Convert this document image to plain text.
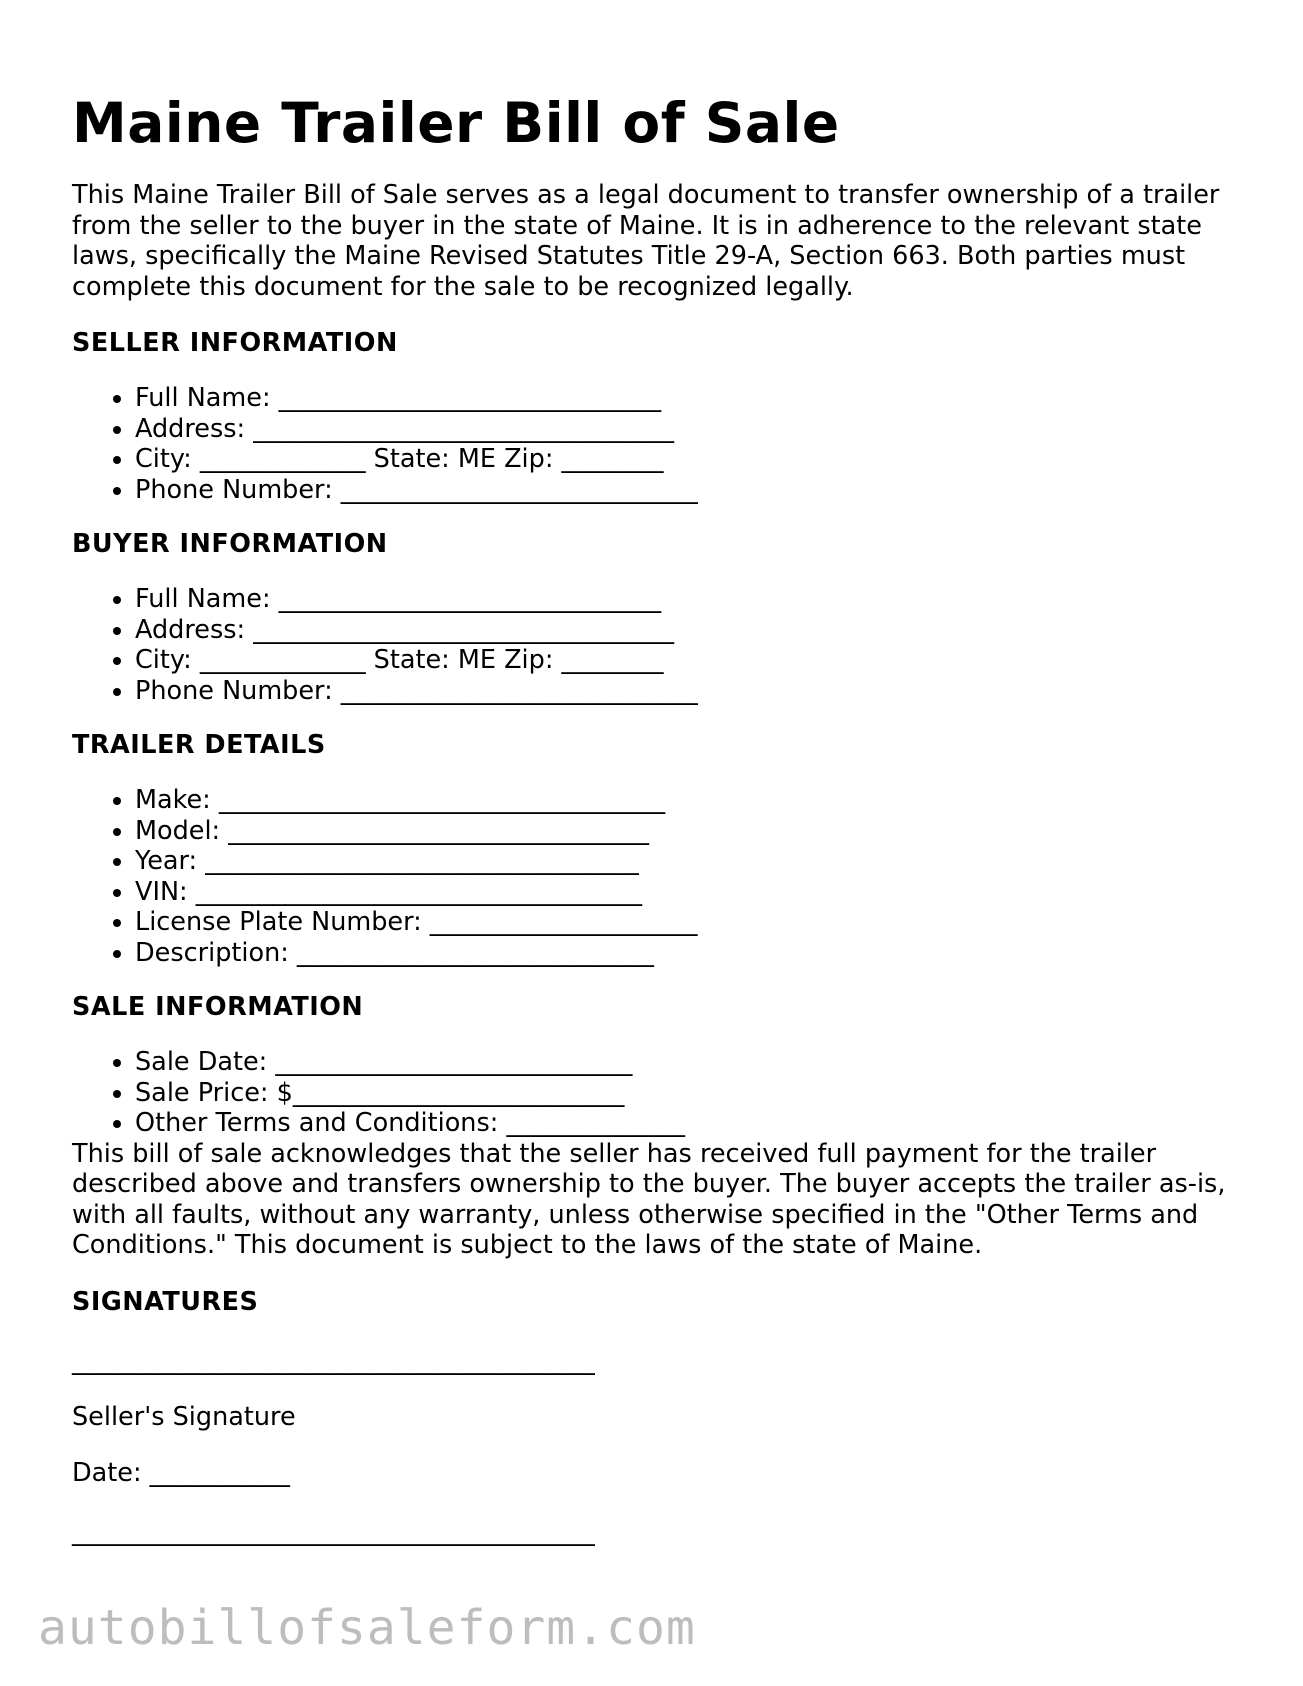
Maine Trailer Bill of Sale

This Maine Trailer Bill of Sale serves as a legal document to transfer ownership of a trailer from the seller to the buyer in the state of Maine. It is in adherence to the relevant state laws, specifically the Maine Revised Statutes Title 29-A, Section 663. Both parties must complete this document for the sale to be recognized legally.

SELLER INFORMATION
• Full Name: ______________________________
• Address: _________________________________
• City: _____________ State: ME Zip: ________
• Phone Number: ____________________________
BUYER INFORMATION
• Full Name: ______________________________
• Address: _________________________________
• City: _____________ State: ME Zip: ________
• Phone Number: ____________________________
TRAILER DETAILS
• Make: ___________________________________
• Model: _________________________________
• Year: __________________________________
• VIN: ___________________________________
• License Plate Number: _____________________
• Description: ____________________________
SALE INFORMATION
• Sale Date: ____________________________
• Sale Price: $__________________________
• Other Terms and Conditions: ______________

This bill of sale acknowledges that the seller has received full payment for the trailer described above and transfers ownership to the buyer. The buyer accepts the trailer as-is, with all faults, without any warranty, unless otherwise specified in the "Other Terms and Conditions." This document is subject to the laws of the state of Maine.

SIGNATURES
_________________________________________
Seller's Signature
Date: ___________
_________________________________________
autobillofsaleform.com
